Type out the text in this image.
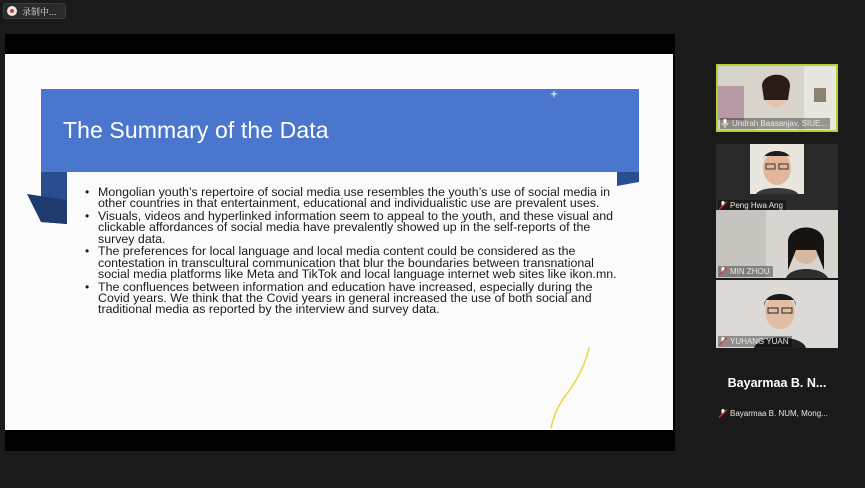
录制中...
The Summary of the Data
• Mongolian youth’s repertoire of social media use resembles the youth’s use of social media in other countries in that entertainment, educational and individualistic use are prevalent uses.
• Visuals, videos and hyperlinked information seem to appeal to the youth, and these visual and clickable affordances of social media have prevalently showed up in the self-reports of the survey data.
• The preferences for local language and local media content could be considered as the contestation in transcultural communication that blur the boundaries between transnational social media platforms like Meta and TikTok and local language internet web sites like ikon.mn.
• The confluences between information and education have increased, especially during the Covid years. We think that the Covid years in general increased the use of both social and traditional media as reported by the interview and survey data.
Undrah Baasanjav, SIUE...
Peng Hwa Ang
MIN ZHOU
YUHANG YUAN
Bayarmaa B. N...
Bayarmaa B. NUM, Mong...
